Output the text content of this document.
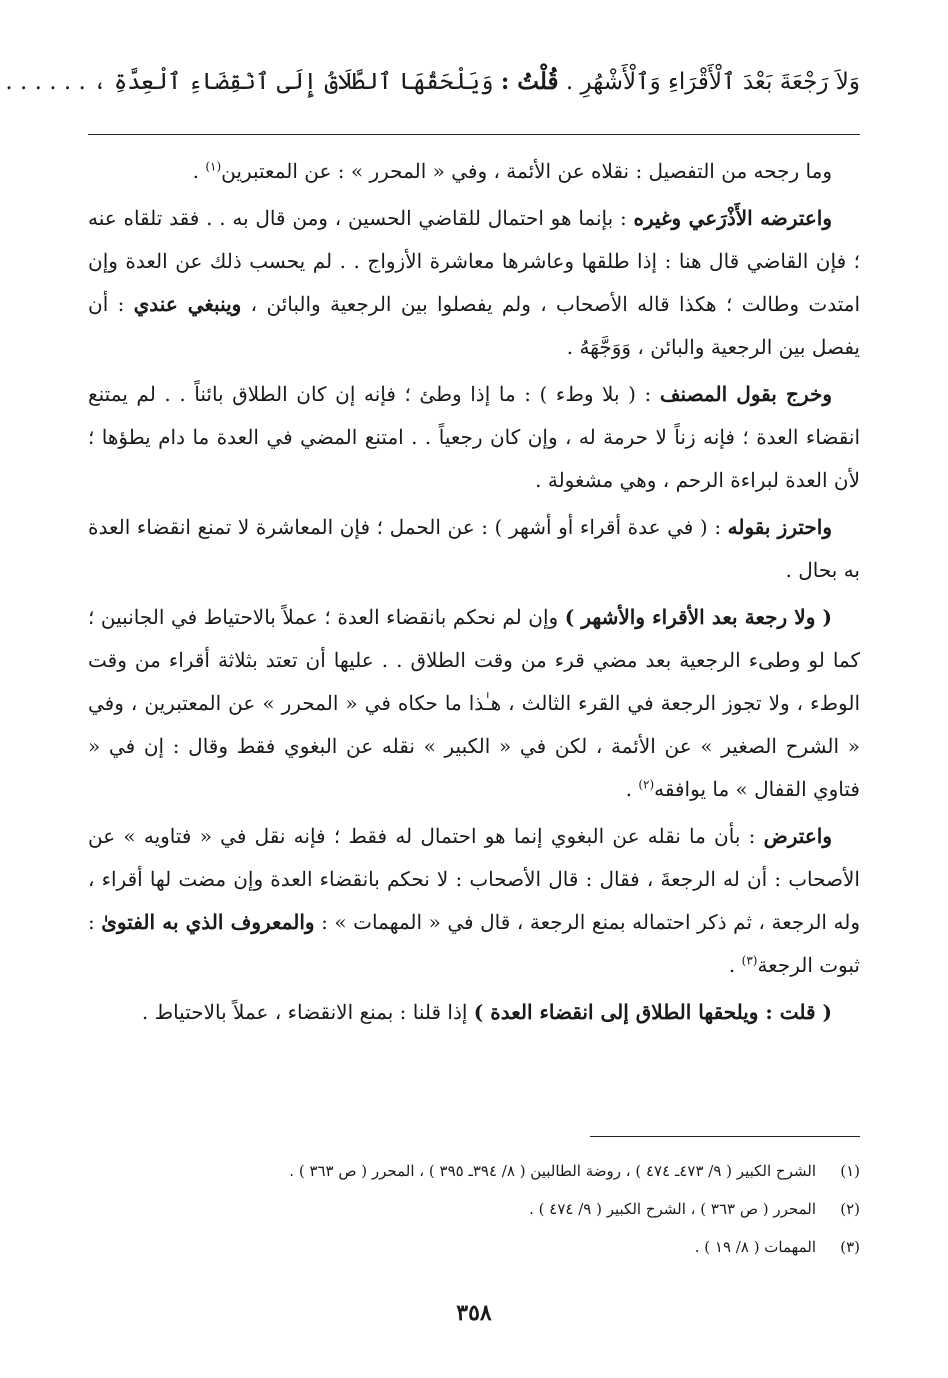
وَلاَ رَجْعَةَ بَعْدَ ٱلْأَقْرَاءِ وَٱلْأَشْهُرِ . قُلْتُ : وَيَلْحَقُهَا ٱلطَّلَاقُ إِلَى ٱنْقِضَاءِ ٱلْعِدَّةِ ، . . . . . .

وما رجحه من التفصيل : نقلاه عن الأئمة ، وفي « المحرر » : عن المعتبرين$^{(١)}$ .

واعترضه الأَذْرَعي وغيره : بإنما هو احتمال للقاضي الحسين ، ومن قال به . . فقد تلقاه عنه ؛ فإن القاضي قال هنا : إذا طلقها وعاشرها معاشرة الأزواج . . لم يحسب ذلك عن العدة وإن امتدت وطالت ؛ هكذا قاله الأصحاب ، ولم يفصلوا بين الرجعية والبائن ، وينبغي عندي : أن يفصل بين الرجعية والبائن ، وَوَجَّهَهُ .

وخرج بقول المصنف : ( بلا وطء ) : ما إذا وطئ ؛ فإنه إن كان الطلاق بائناً . . لم يمتنع انقضاء العدة ؛ فإنه زناً لا حرمة له ، وإن كان رجعياً . . امتنع المضي في العدة ما دام يطؤها ؛ لأن العدة لبراءة الرحم ، وهي مشغولة .

واحترز بقوله : ( في عدة أقراء أو أشهر ) : عن الحمل ؛ فإن المعاشرة لا تمنع انقضاء العدة به بحال .

( ولا رجعة بعد الأقراء والأشهر ) وإن لم نحكم بانقضاء العدة ؛ عملاً بالاحتياط في الجانبين ؛ كما لو وطىء الرجعية بعد مضي قرء من وقت الطلاق . . عليها أن تعتد بثلاثة أقراء من وقت الوطء ، ولا تجوز الرجعة في القرء الثالث ، هـٰذا ما حكاه في « المحرر » عن المعتبرين ، وفي « الشرح الصغير » عن الأئمة ، لكن في « الكبير » نقله عن البغوي فقط وقال : إن في « فتاوي القفال » ما يوافقه$^{(٢)}$ .

واعترض : بأن ما نقله عن البغوي إنما هو احتمال له فقط ؛ فإنه نقل في « فتاويه » عن الأصحاب : أن له الرجعةَ ، فقال : قال الأصحاب : لا نحكم بانقضاء العدة وإن مضت لها أقراء ، وله الرجعة ، ثم ذكر احتماله بمنع الرجعة ، قال في « المهمات » : والمعروف الذي به الفتوىٰ : ثبوت الرجعة$^{(٣)}$ .

( قلت : ويلحقها الطلاق إلى انقضاء العدة ) إذا قلنا : بمنع الانقضاء ، عملاً بالاحتياط .

(١)
الشرح الكبير ( ٩/ ٤٧٣ـ ٤٧٤ ) ، روضة الطالبين ( ٨/ ٣٩٤ـ ٣٩٥ ) ، المحرر ( ص ٣٦٣ ) .
(٢)
المحرر ( ص ٣٦٣ ) ، الشرح الكبير ( ٩/ ٤٧٤ ) .
(٣)
المهمات ( ٨/ ١٩ ) .
٣٥٨
